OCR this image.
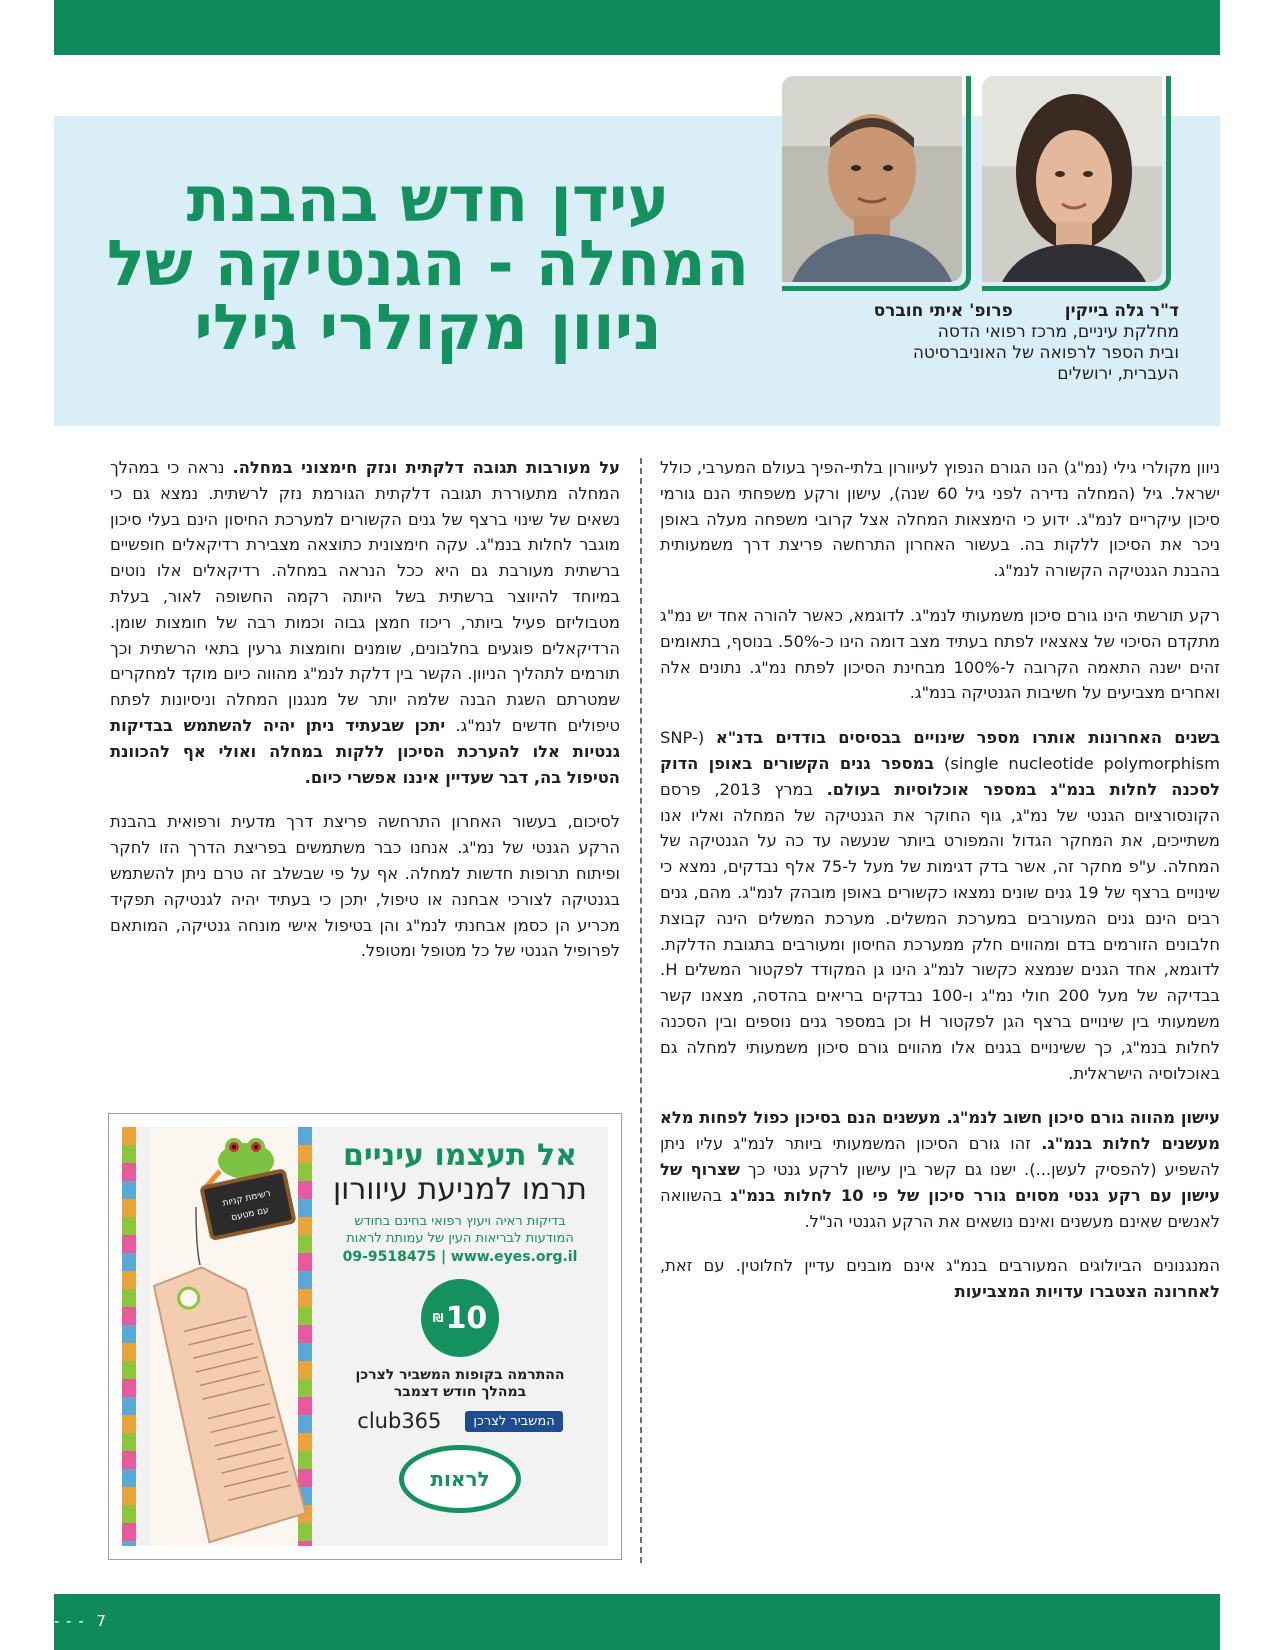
עידן חדש בהבנת
המחלה - הגנטיקה של
ניוון מקולרי גילי	ד"ר גלה בייקין
פרופ' איתי חוברס
מחלקת עיניים, מרכז רפואי הדסה
ובית הספר לרפואה של האוניברסיטה
העברית, ירושלים

ניוון מקולרי גילי (נמ"ג) הנו הגורם הנפוץ לעיוורון בלתי-הפיך בעולם המערבי, כולל ישראל. גיל (המחלה נדירה לפני גיל 60 שנה), עישון ורקע משפחתי הנם גורמי סיכון עיקריים לנמ"ג. ידוע כי הימצאות המחלה אצל קרובי משפחה מעלה באופן ניכר את הסיכון ללקות בה. בעשור האחרון התרחשה פריצת דרך משמעותית בהבנת הגנטיקה הקשורה לנמ"ג.

רקע תורשתי הינו גורם סיכון משמעותי לנמ"ג. לדוגמא, כאשר להורה אחד יש נמ"ג מתקדם הסיכוי של צאצאיו לפתח בעתיד מצב דומה הינו כ-50%. בנוסף, בתאומים זהים ישנה התאמה הקרובה ל-100% מבחינת הסיכון לפתח נמ"ג. נתונים אלה ואחרים מצביעים על חשיבות הגנטיקה בנמ"ג.

בשנים האחרונות אותרו מספר שינויים בבסיסים בודדים בדנ"א (SNP- single nucleotide polymorphism) במספר גנים הקשורים באופן הדוק לסכנה לחלות בנמ"ג במספר אוכלוסיות בעולם. במרץ 2013, פרסם הקונסורציום הגנטי של נמ"ג, גוף החוקר את הגנטיקה של המחלה ואליו אנו משתייכים, את המחקר הגדול והמפורט ביותר שנעשה עד כה על הגנטיקה של המחלה. ע"פ מחקר זה, אשר בדק דגימות של מעל ל-75 אלף נבדקים, נמצא כי שינויים ברצף של 19 גנים שונים נמצאו כקשורים באופן מובהק לנמ"ג. מהם, גנים רבים הינם גנים המעורבים במערכת המשלים. מערכת המשלים הינה קבוצת חלבונים הזורמים בדם ומהווים חלק ממערכת החיסון ומעורבים בתגובת הדלקת. לדוגמא, אחד הגנים שנמצא כקשור לנמ"ג הינו גן המקודד לפקטור המשלים H. בבדיקה של מעל 200 חולי נמ"ג ו-100 נבדקים בריאים בהדסה, מצאנו קשר משמעותי בין שינויים ברצף הגן לפקטור H וכן במספר גנים נוספים ובין הסכנה לחלות בנמ"ג, כך ששינויים בגנים אלו מהווים גורם סיכון משמעותי למחלה גם באוכלוסיה הישראלית.

עישון מהווה גורם סיכון חשוב לנמ"ג. מעשנים הנם בסיכון כפול לפחות מלא מעשנים לחלות בנמ"ג. זהו גורם הסיכון המשמעותי ביותר לנמ"ג עליו ניתן להשפיע (להפסיק לעשן...). ישנו גם קשר בין עישון לרקע גנטי כך שצרוף של עישון עם רקע גנטי מסוים גורר סיכון של פי 10 לחלות בנמ"ג בהשוואה לאנשים שאינם מעשנים ואינם נושאים את הרקע הגנטי הנ"ל.

המנגנונים הביולוגים המעורבים בנמ"ג אינם מובנים עדיין לחלוטין. עם זאת, לאחרונה הצטברו עדויות המצביעות

על מעורבות תגובה דלקתית ונזק חימצוני במחלה. נראה כי במהלך המחלה מתעוררת תגובה דלקתית הגורמת נזק לרשתית. נמצא גם כי נשאים של שינוי ברצף של גנים הקשורים למערכת החיסון הינם בעלי סיכון מוגבר לחלות בנמ"ג. עקה חימצונית כתוצאה מצבירת רדיקאלים חופשיים ברשתית מעורבת גם היא ככל הנראה במחלה. רדיקאלים אלו נוטים במיוחד להיווצר ברשתית בשל היותה רקמה החשופה לאור, בעלת מטבוליזם פעיל ביותר, ריכוז חמצן גבוה וכמות רבה של חומצות שומן. הרדיקאלים פוגעים בחלבונים, שומנים וחומצות גרעין בתאי הרשתית וכך תורמים לתהליך הניוון. הקשר בין דלקת לנמ"ג מהווה כיום מוקד למחקרים שמטרתם השגת הבנה שלמה יותר של מנגנון המחלה וניסיונות לפתח טיפולים חדשים לנמ"ג. יתכן שבעתיד ניתן יהיה להשתמש בבדיקות גנטיות אלו להערכת הסיכון ללקות במחלה ואולי אף להכוונת הטיפול בה, דבר שעדיין איננו אפשרי כיום.

לסיכום, בעשור האחרון התרחשה פריצת דרך מדעית ורפואית בהבנת הרקע הגנטי של נמ"ג. אנחנו כבר משתמשים בפריצת הדרך הזו לחקר ופיתוח תרופות חדשות למחלה. אף על פי שבשלב זה טרם ניתן להשתמש בגנטיקה לצורכי אבחנה או טיפול, יתכן כי בעתיד יהיה לגנטיקה תפקיד מכריע הן כסמן אבחנתי לנמ"ג והן בטיפול אישי מונחה גנטיקה, המותאם לפרופיל הגנטי של כל מטופל ומטופל.

רשימת קניות
עם מטעם
אל תעצמו עיניים
תרמו למניעת עיוורון
בדיקות ראיה ויעוץ רפואי בחינם בחודש
המודעות לבריאות העין של עמותת לראות
09-9518475 | www.eyes.org.il
10
₪
ההתרמה בקופות המשביר לצרכן
במהלך חודש דצמבר
המשביר לצרכן
club365
לראות
- - - 7
